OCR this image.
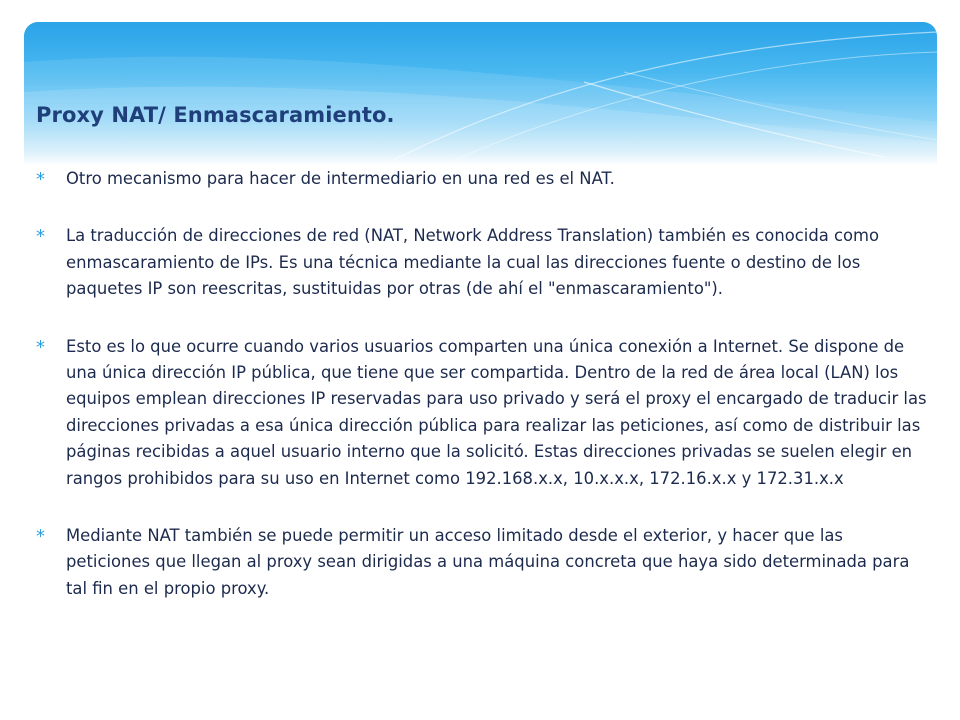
Proxy NAT/ Enmascaramiento.
* Otro mecanismo para hacer de intermediario en una red es el NAT.
* La traducción de direcciones de red (NAT, Network Address Translation) también es conocida como enmascaramiento de IPs. Es una técnica mediante la cual las direcciones fuente o destino de los paquetes IP son reescritas, sustituidas por otras (de ahí el "enmascaramiento").
* Esto es lo que ocurre cuando varios usuarios comparten una única conexión a Internet. Se dispone de una única dirección IP pública, que tiene que ser compartida. Dentro de la red de área local (LAN) los equipos emplean direcciones IP reservadas para uso privado y será el proxy el encargado de traducir las direcciones privadas a esa única dirección pública para realizar las peticiones, así como de distribuir las páginas recibidas a aquel usuario interno que la solicitó. Estas direcciones privadas se suelen elegir en rangos prohibidos para su uso en Internet como 192.168.x.x, 10.x.x.x, 172.16.x.x y 172.31.x.x
* Mediante NAT también se puede permitir un acceso limitado desde el exterior, y hacer que las peticiones que llegan al proxy sean dirigidas a una máquina concreta que haya sido determinada para tal fin en el propio proxy.
